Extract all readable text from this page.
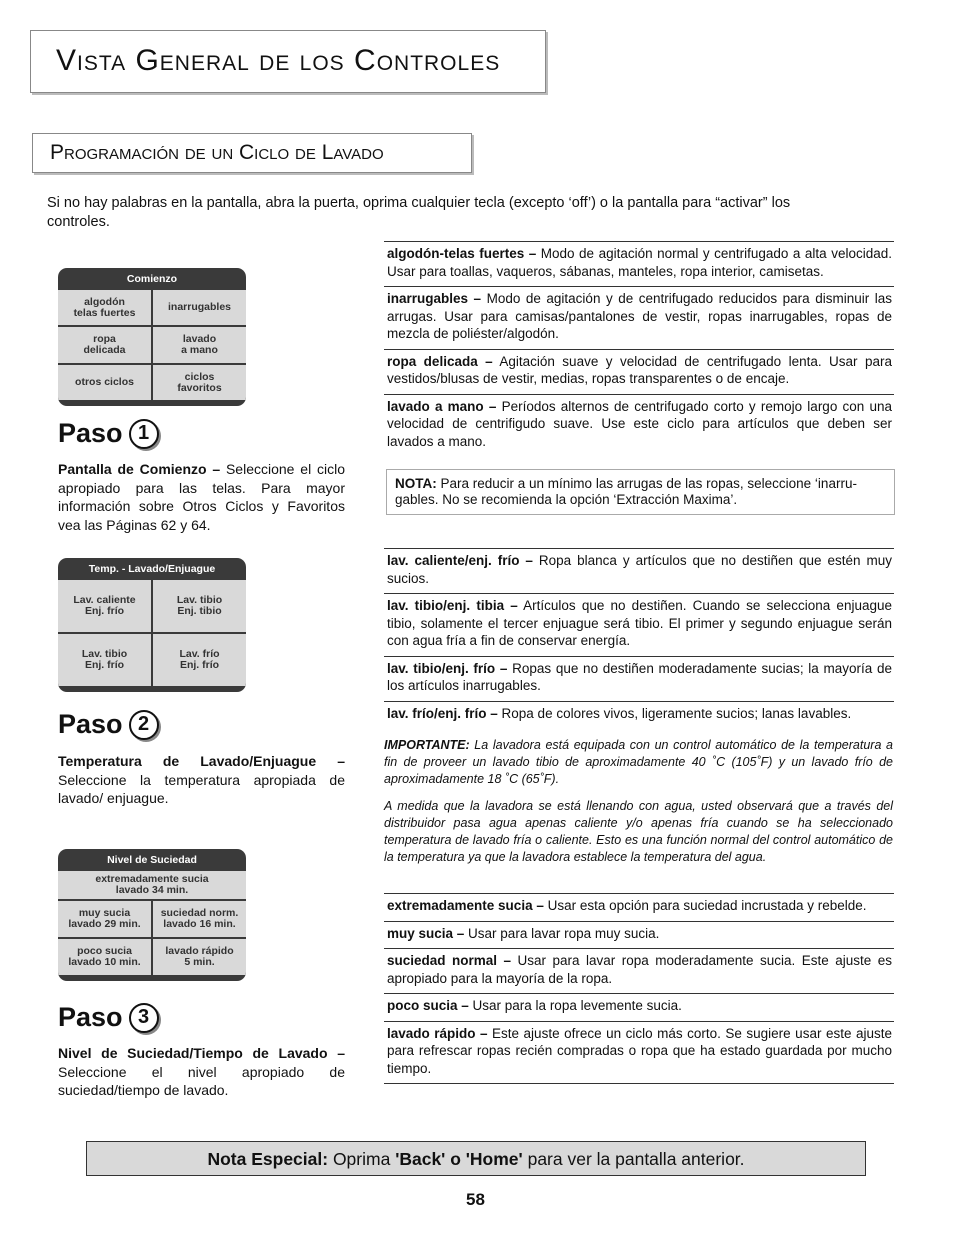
Vista General de los Controles
Programación de un Ciclo de Lavado
Si no hay palabras en la pantalla, abra la puerta, oprima cualquier tecla (excepto ‘off’) o la pantalla para “activar” los controles.
Comienzo
algodón
telas fuertes	inarrugables
ropa
delicada
lavado
a mano
otros ciclos	ciclos
favoritos
Paso 1
Pantalla de Comienzo – Seleccione el ciclo apropiado para las telas. Para mayor información sobre Otros Ciclos y Favoritos vea las Páginas 62 y 64.
Temp. - Lavado/Enjuague
Lav. caliente
Enj. frío
Lav. tibio
Enj. tibio
Lav. tibio
Enj. frío
Lav. frío
Enj. frío
Paso 2
Temperatura de Lavado/Enjuague – Seleccione la temperatura apropiada de lavado/ enjuague.
Nivel de Suciedad
extremadamente sucia
lavado 34 min.
muy sucia
lavado 29 min.
suciedad norm.
lavado 16 min.
poco sucia
lavado 10 min.
lavado rápido
5 min.
Paso 3
Nivel de Suciedad/Tiempo de Lavado – Seleccione el nivel apropiado de suciedad/tiempo de lavado.
algodón-telas fuertes – Modo de agitación normal y centrifugado a alta velocidad. Usar para toallas, vaqueros, sábanas, manteles, ropa interior, camisetas.
inarrugables – Modo de agitación y de centrifugado reducidos para disminuir las arrugas. Usar para camisas/pantalones de vestir, ropas inarrugables, ropas de mezcla de poliéster/algodón.
ropa delicada – Agitación suave y velocidad de centrifugado lenta. Usar para vestidos/blusas de vestir, medias, ropas transparentes o de encaje.
lavado a mano – Períodos alternos de centrifugado corto y remojo largo con una velocidad de centrifigudo suave. Use este ciclo para artículos que deben ser lavados a mano.
NOTA: Para reducir a un mínimo las arrugas de las ropas, seleccione ‘inarru-gables. No se recomienda la opción ‘Extracción Maxima’.
lav. caliente/enj. frío – Ropa blanca y artículos que no destiñen que estén muy sucios.
lav. tibio/enj. tibia – Artículos que no destiñen. Cuando se selecciona enjuague tibio, solamente el tercer enjuague será tibio. El primer y segundo enjuague serán con agua fría a fin de conservar energía.
lav. tibio/enj. frío – Ropas que no destiñen moderadamente sucias; la mayoría de los artículos inarrugables.
lav. frío/enj. frío – Ropa de colores vivos, ligeramente sucios; lanas lavables.
IMPORTANTE: La lavadora está equipada con un control automático de la temperatura a fin de proveer un lavado tibio de aproximadamente 40 ˚C (105˚F) y un lavado frío de aproximadamente 18 ˚C (65˚F).
A medida que la lavadora se está llenando con agua, usted observará que a través del distribuidor pasa agua apenas caliente y/o apenas fría cuando se ha seleccionado temperatura de lavado fría o caliente. Esto es una función normal del control automático de la temperatura ya que la lavadora establece la temperatura del agua.
extremadamente sucia – Usar esta opción para suciedad incrustada y rebelde.
muy sucia – Usar para lavar ropa muy sucia.
suciedad normal – Usar para lavar ropa moderadamente sucia. Este ajuste es apropiado para la mayoría de la ropa.
poco sucia – Usar para la ropa levemente sucia.
lavado rápido – Este ajuste ofrece un ciclo más corto. Se sugiere usar este ajuste para refrescar ropas recién compradas o ropa que ha estado guardada por mucho tiempo.
Nota Especial: Oprima 'Back' o 'Home' para ver la pantalla anterior.
58
